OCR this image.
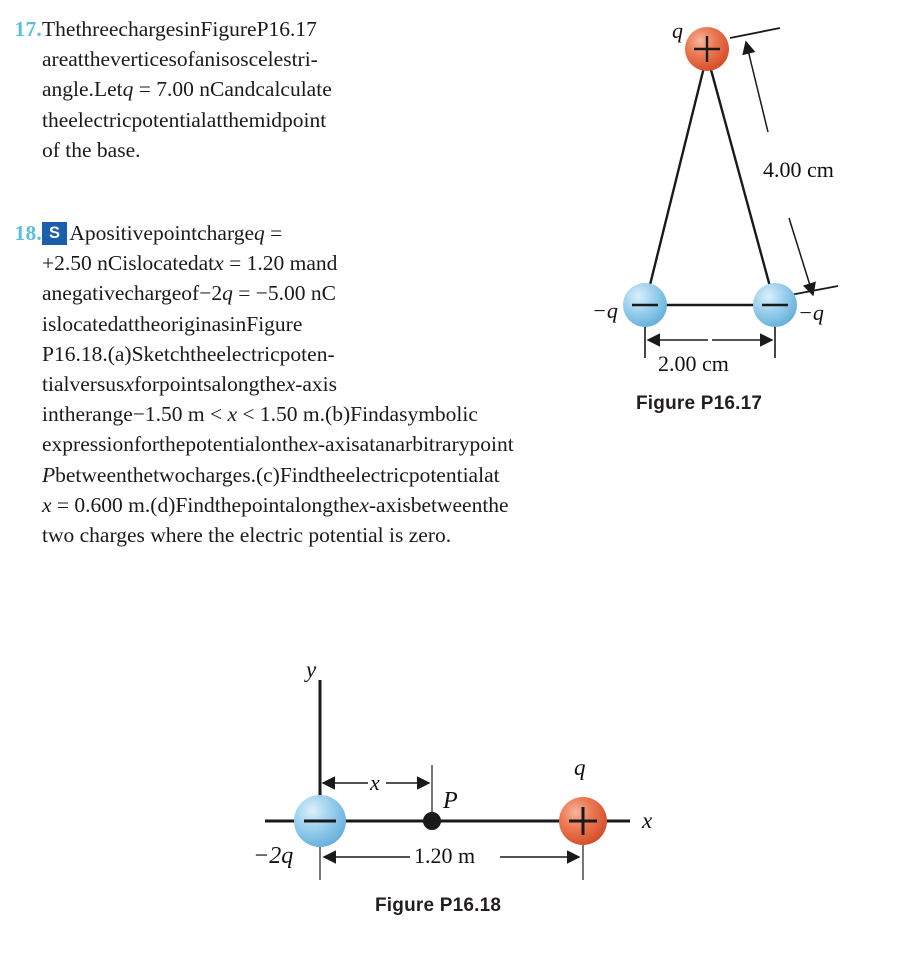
17. ThethreechargesinFigureP16.17
areattheverticesofanisoscelestri-
angle.Letq = 7.00 nCandcalculate
theelectricpotentialatthemidpoint
of the base.
18. S Apositivepointchargeq =
+2.50 nCislocatedatx = 1.20 mand
anegativechargeof−2q = −5.00 nC
islocatedattheoriginasinFigure
P16.18.(a)Sketchtheelectricpoten-
tialversusxforpointsalongthex-axis
intherange−1.50 m < x < 1.50 m.(b)Findasymbolic
expressionforthepotentialonthex-axisatanarbitrarypoint
Pbetweenthetwocharges.(c)Findtheelectricpotentialat
x = 0.600 m.(d)Findthepointalongthex-axisbetweenthe
two charges where the electric potential is zero.
q
−q	−q
4.00 cm
2.00 cm
Figure P16.17
y
x
x
P
−2q
q
1.20 m
Figure P16.18
